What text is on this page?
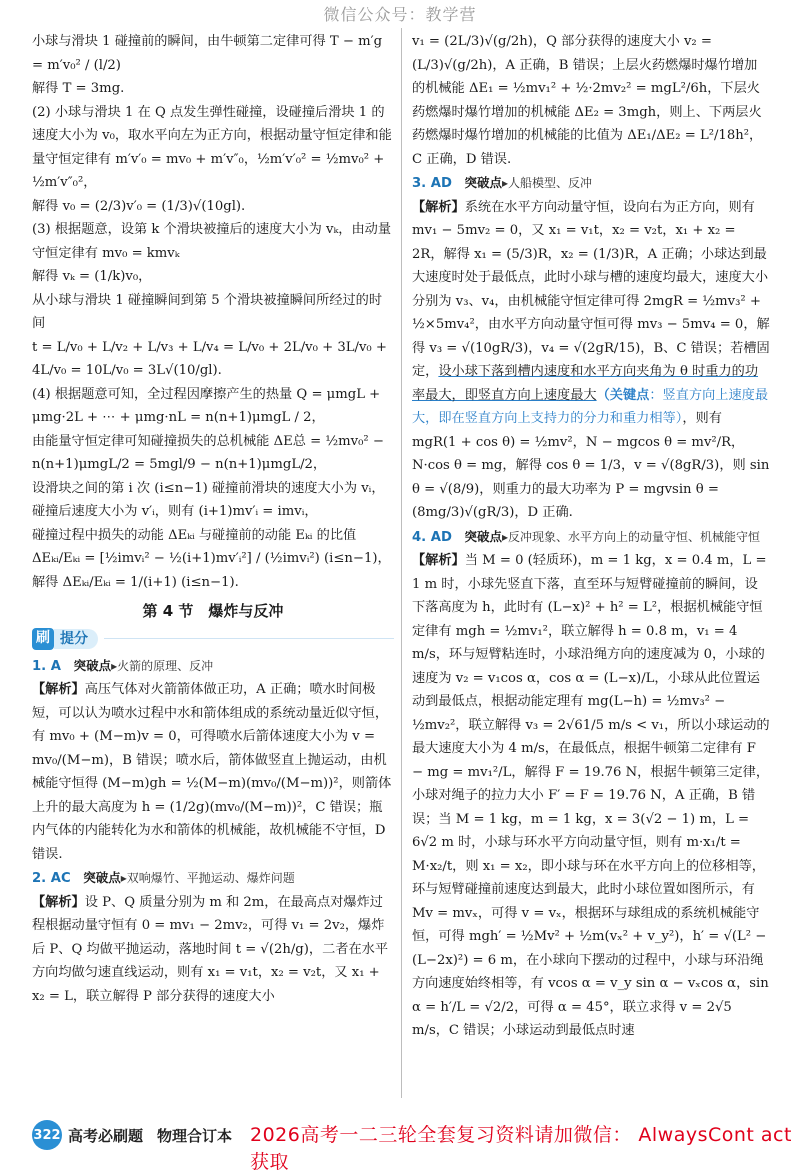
微信公众号：教学营

小球与滑块 1 碰撞前的瞬间，由牛顿第二定律可得 T − m′g = m′v₀² / (l/2)

解得 T = 3mg.

(2) 小球与滑块 1 在 Q 点发生弹性碰撞，设碰撞后滑块 1 的速度大小为 v₀，取水平向左为正方向，根据动量守恒定律和能量守恒定律有 m′v′₀ = mv₀ + m′v″₀，½m′v′₀² = ½mv₀² + ½m′v″₀²，

解得 v₀ = (2/3)v′₀ = (1/3)√(10gl).

(3) 根据题意，设第 k 个滑块被撞后的速度大小为 vₖ，由动量守恒定律有 mv₀ = kmvₖ

解得 vₖ = (1/k)v₀，

从小球与滑块 1 碰撞瞬间到第 5 个滑块被撞瞬间所经过的时间

t = L/v₀ + L/v₂ + L/v₃ + L/v₄ = L/v₀ + 2L/v₀ + 3L/v₀ + 4L/v₀ = 10L/v₀ = 3L√(10/gl).

(4) 根据题意可知，全过程因摩擦产生的热量 Q = μmgL + μmg·2L + ⋯ + μmg·nL = n(n+1)μmgL / 2，

由能量守恒定律可知碰撞损失的总机械能 ΔE总 = ½mv₀² − n(n+1)μmgL/2 = 5mgl/9 − n(n+1)μmgL/2，

设滑块之间的第 i 次 (i≤n−1) 碰撞前滑块的速度大小为 vᵢ，碰撞后速度大小为 v′ᵢ，则有 (i+1)mv′ᵢ = imvᵢ，

碰撞过程中损失的动能 ΔEₖᵢ 与碰撞前的动能 Eₖᵢ 的比值 ΔEₖᵢ/Eₖᵢ = [½imvᵢ² − ½(i+1)mv′ᵢ²] / (½imvᵢ²) (i≤n−1)，

解得 ΔEₖᵢ/Eₖᵢ = 1/(i+1) (i≤n−1).

第 4 节　爆炸与反冲
刷 提分

1. A 突破点▸火箭的原理、反冲

【解析】高压气体对火箭箭体做正功，A 正确；喷水时间极短，可以认为喷水过程中水和箭体组成的系统动量近似守恒，有 mv₀ + (M−m)v = 0，可得喷水后箭体速度大小为 v = mv₀/(M−m)，B 错误；喷水后，箭体做竖直上抛运动，由机械能守恒得 (M−m)gh = ½(M−m)(mv₀/(M−m))²，则箭体上升的最大高度为 h = (1/2g)(mv₀/(M−m))²，C 错误；瓶内气体的内能转化为水和箭体的机械能，故机械能不守恒，D 错误.

2. AC 突破点▸双响爆竹、平抛运动、爆炸问题

【解析】设 P、Q 质量分别为 m 和 2m，在最高点对爆炸过程根据动量守恒有 0 = mv₁ − 2mv₂，可得 v₁ = 2v₂，爆炸后 P、Q 均做平抛运动，落地时间 t = √(2h/g)，二者在水平方向均做匀速直线运动，则有 x₁ = v₁t，x₂ = v₂t，又 x₁ + x₂ = L，联立解得 P 部分获得的速度大小

v₁ = (2L/3)√(g/2h)，Q 部分获得的速度大小 v₂ = (L/3)√(g/2h)，A 正确，B 错误；上层火药燃爆时爆竹增加的机械能 ΔE₁ = ½mv₁² + ½·2mv₂² = mgL²/6h，下层火药燃爆时爆竹增加的机械能 ΔE₂ = 3mgh，则上、下两层火药燃爆时爆竹增加的机械能的比值为 ΔE₁/ΔE₂ = L²/18h²，C 正确，D 错误.

3. AD 突破点▸人船模型、反冲

【解析】系统在水平方向动量守恒，设向右为正方向，则有 mv₁ − 5mv₂ = 0，又 x₁ = v₁t，x₂ = v₂t，x₁ + x₂ = 2R，解得 x₁ = (5/3)R，x₂ = (1/3)R，A 正确；小球达到最大速度时处于最低点，此时小球与槽的速度均最大，速度大小分别为 v₃、v₄，由机械能守恒定律可得 2mgR = ½mv₃² + ½×5mv₄²，由水平方向动量守恒可得 mv₃ − 5mv₄ = 0，解得 v₃ = √(10gR/3)，v₄ = √(2gR/15)，B、C 错误；若槽固定，设小球下落到槽内速度和水平方向夹角为 θ 时重力的功率最大，即竖直方向上速度最大（关键点：竖直方向上速度最大，即在竖直方向上支持力的分力和重力相等），则有 mgR(1 + cos θ) = ½mv²，N − mgcos θ = mv²/R，N·cos θ = mg，解得 cos θ = 1/3，v = √(8gR/3)，则 sin θ = √(8/9)，则重力的最大功率为 P = mgvsin θ = (8mg/3)√(gR/3)，D 正确.

4. AD 突破点▸反冲现象、水平方向上的动量守恒、机械能守恒

【解析】当 M = 0 (轻质环)，m = 1 kg，x = 0.4 m，L = 1 m 时，小球先竖直下落，直至环与短臂碰撞前的瞬间，设下落高度为 h，此时有 (L−x)² + h² = L²，根据机械能守恒定律有 mgh = ½mv₁²，联立解得 h = 0.8 m，v₁ = 4 m/s，环与短臂粘连时，小球沿绳方向的速度减为 0，小球的速度为 v₂ = v₁cos α，cos α = (L−x)/L，小球从此位置运动到最低点，根据动能定理有 mg(L−h) = ½mv₃² − ½mv₂²，联立解得 v₃ = 2√61/5 m/s < v₁，所以小球运动的最大速度大小为 4 m/s，在最低点，根据牛顿第二定律有 F − mg = mv₁²/L，解得 F = 19.76 N，根据牛顿第三定律，小球对绳子的拉力大小 F′ = F = 19.76 N，A 正确，B 错误；当 M = 1 kg，m = 1 kg，x = 3(√2 − 1) m，L = 6√2 m 时，小球与环水平方向动量守恒，则有 m·x₁/t = M·x₂/t，则 x₁ = x₂，即小球与环在水平方向上的位移相等，环与短臂碰撞前速度达到最大，此时小球位置如图所示，有 Mv = mvₓ，可得 v = vₓ，根据环与球组成的系统机械能守恒，可得 mgh′ = ½Mv² + ½m(vₓ² + v_y²)，h′ = √(L² − (L−2x)²) = 6 m，在小球向下摆动的过程中，小球与环沿绳方向速度始终相等，有 vcos α = v_y sin α − vₓcos α，sin α = h′/L = √2/2，可得 α = 45°，联立求得 v = 2√5 m/s，C 错误；小球运动到最低点时速

322 高考必刷题 物理合订本 2026高考一二三轮全套复习资料请加微信： AlwaysCont act 获取
